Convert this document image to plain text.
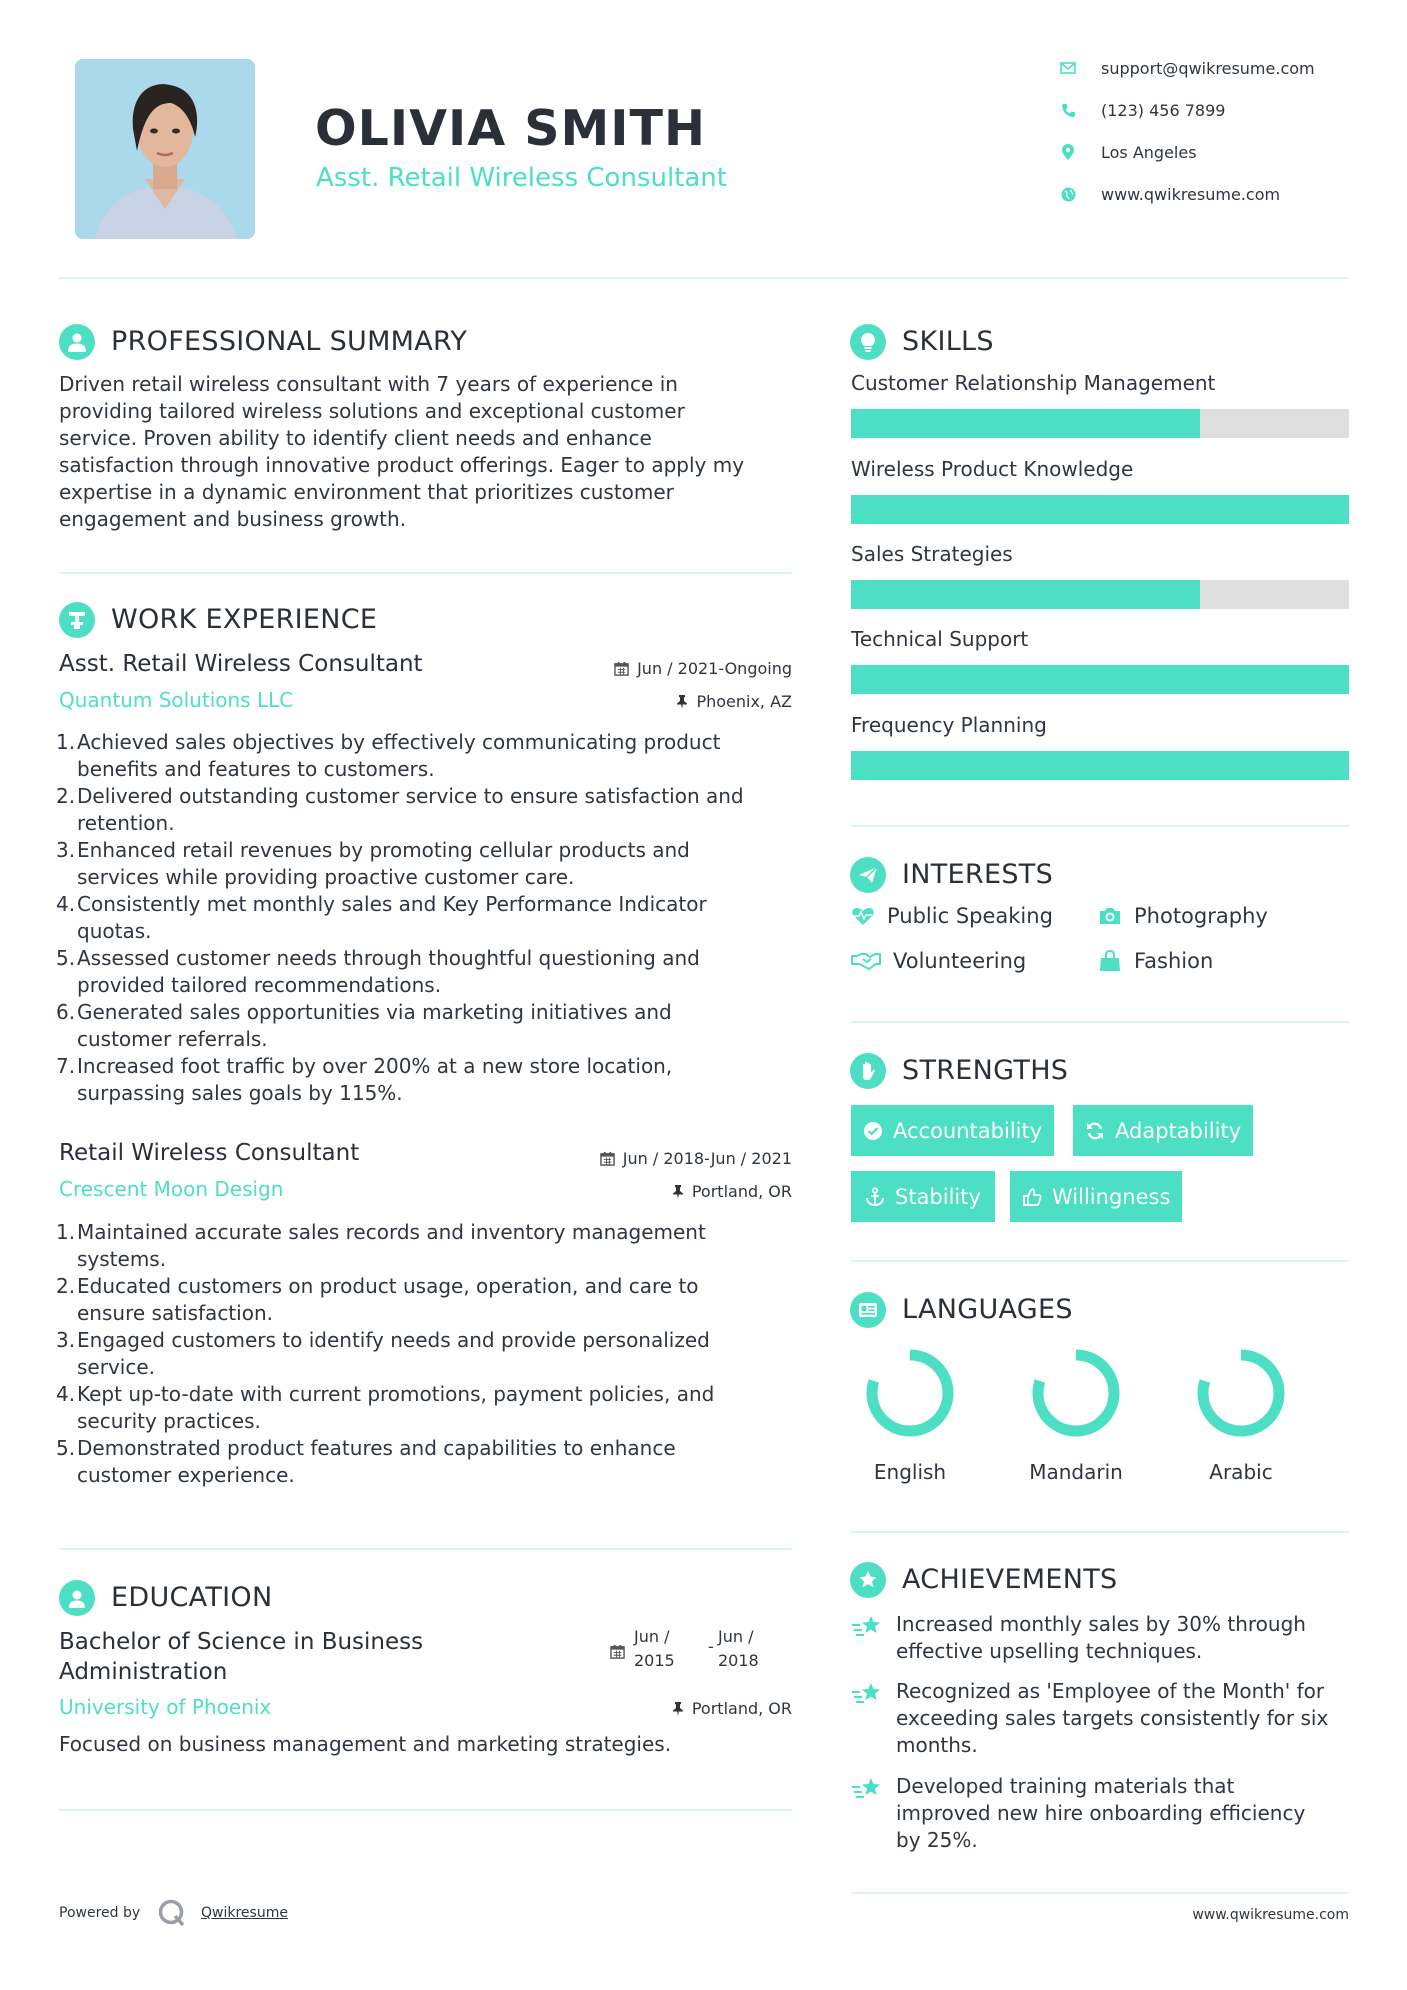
OLIVIA SMITH
Asst. Retail Wireless Consultant
support@qwikresume.com
(123) 456 7899
Los Angeles
www.qwikresume.com
PROFESSIONAL SUMMARY
Driven retail wireless consultant with 7 years of experience in
providing tailored wireless solutions and exceptional customer
service. Proven ability to identify client needs and enhance
satisfaction through innovative product offerings. Eager to apply my
expertise in a dynamic environment that prioritizes customer
engagement and business growth.
WORK EXPERIENCE
Asst. Retail Wireless Consultant	Jun / 2021-Ongoing
Quantum Solutions LLC	Phoenix, AZ
1. Achieved sales objectives by effectively communicating product
benefits and features to customers.
2. Delivered outstanding customer service to ensure satisfaction and
retention.
3. Enhanced retail revenues by promoting cellular products and
services while providing proactive customer care.
4. Consistently met monthly sales and Key Performance Indicator
quotas.
5. Assessed customer needs through thoughtful questioning and
provided tailored recommendations.
6. Generated sales opportunities via marketing initiatives and
customer referrals.
7. Increased foot traffic by over 200% at a new store location,
surpassing sales goals by 115%.
Retail Wireless Consultant	Jun / 2018-Jun / 2021
Crescent Moon Design	Portland, OR
1. Maintained accurate sales records and inventory management
systems.
2. Educated customers on product usage, operation, and care to
ensure satisfaction.
3. Engaged customers to identify needs and provide personalized
service.
4. Kept up-to-date with current promotions, payment policies, and
security practices.
5. Demonstrated product features and capabilities to enhance
customer experience.
EDUCATION
Bachelor of Science in Business
Administration
Jun /
2015
-
Jun /
2018
University of Phoenix	Portland, OR
Focused on business management and marketing strategies.
SKILLS
Customer Relationship Management
Wireless Product Knowledge
Sales Strategies
Technical Support
Frequency Planning
INTERESTS
Public Speaking	Photography
Volunteering	Fashion
STRENGTHS
Accountability	Adaptability
Stability	Willingness
LANGUAGES
English	Mandarin	Arabic
ACHIEVEMENTS
Increased monthly sales by 30% through
effective upselling techniques.
Recognized as 'Employee of the Month' for
exceeding sales targets consistently for six
months.
Developed training materials that
improved new hire onboarding efficiency
by 25%.
Powered by	Qwikresume	www.qwikresume.com
